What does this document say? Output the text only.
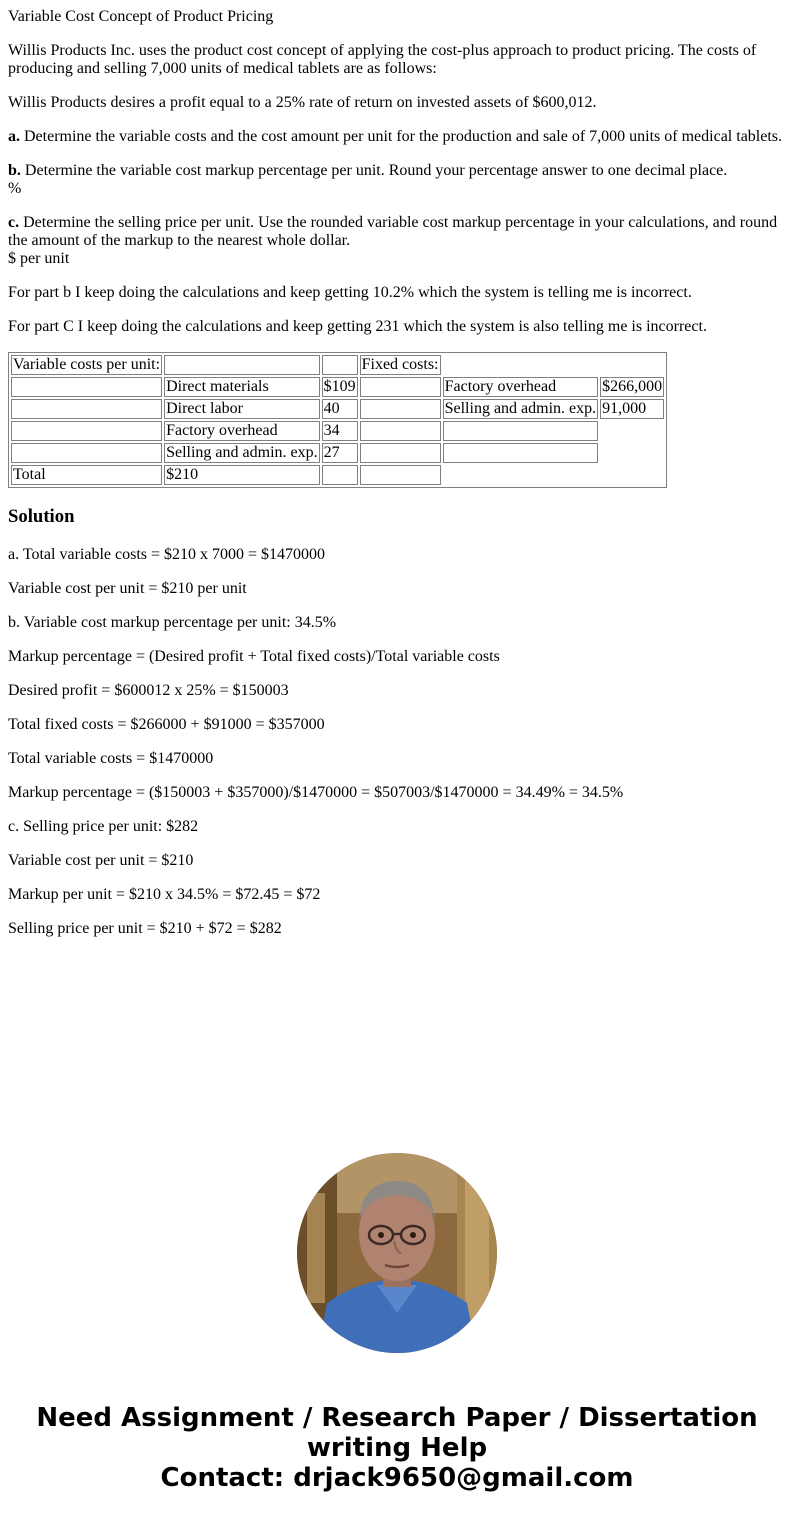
Variable Cost Concept of Product Pricing

Willis Products Inc. uses the product cost concept of applying the cost-plus approach to product pricing. The costs of producing and selling 7,000 units of medical tablets are as follows:

Willis Products desires a profit equal to a 25% rate of return on invested assets of $600,012.

a. Determine the variable costs and the cost amount per unit for the production and sale of 7,000 units of medical tablets.

b. Determine the variable cost markup percentage per unit. Round your percentage answer to one decimal place.
%

c. Determine the selling price per unit. Use the rounded variable cost markup percentage in your calculations, and round the amount of the markup to the nearest whole dollar.
$ per unit

For part b I keep doing the calculations and keep getting 10.2% which the system is telling me is incorrect.

For part C I keep doing the calculations and keep getting 231 which the system is also telling me is incorrect.

Variable costs per unit:			Fixed costs:		
	Direct materials	$109		Factory overhead	$266,000
	Direct labor	40		Selling and admin. exp.	91,000
	Factory overhead	34			
	Selling and admin. exp.	27			
Total	$210				
Solution

a. Total variable costs = $210 x 7000 = $1470000

Variable cost per unit = $210 per unit

b. Variable cost markup percentage per unit: 34.5%

Markup percentage = (Desired profit + Total fixed costs)/Total variable costs

Desired profit = $600012 x 25% = $150003

Total fixed costs = $266000 + $91000 = $357000

Total variable costs = $1470000

Markup percentage = ($150003 + $357000)/$1470000 = $507003/$1470000 = 34.49% = 34.5%

c. Selling price per unit: $282

Variable cost per unit = $210

Markup per unit = $210 x 34.5% = $72.45 = $72

Selling price per unit = $210 + $72 = $282

Need Assignment / Research Paper / Dissertation
writing Help
Contact: drjack9650@gmail.com
